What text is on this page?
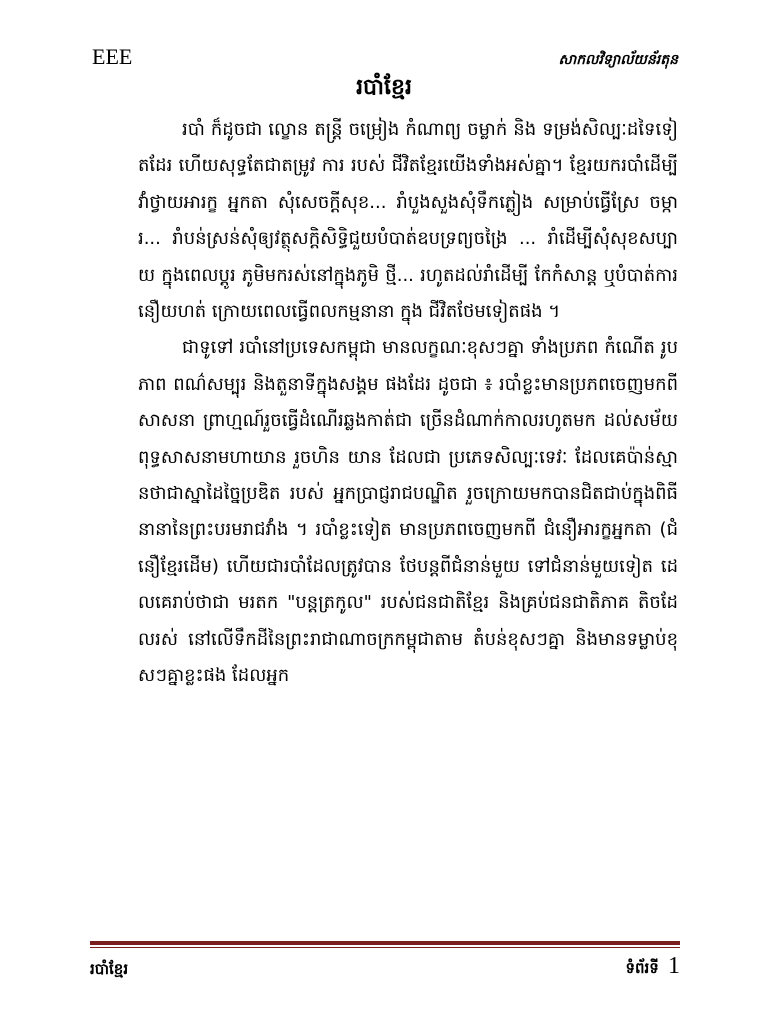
EEE	សាកលវិទ្យាល័យន័រតុន
របាំខ្មែរ

របាំ ក៏ដូចជា ល្ខោន តន្ត្រី ចម្រៀង កំណាព្យ ចម្លាក់ និង ទម្រង់សិល្បៈដទៃទៀតដែរ ហើយសុទ្ធតែជាតម្រូវ ការ របស់ ជីវិតខ្មែរយើងទាំងអស់គ្នា។ ខ្មែរយករបាំដើម្បីវាំថ្វាយអារក្ខ អ្នកតា សុំសេចក្ដីសុខ... រាំបួងសួងសុំទឹកភ្លៀង សម្រាប់ធ្វើស្រែ ចម្ការ... រាំបន់ស្រន់សុំឲ្យវត្ថុសក្ដិសិទ្ធិជួយបំបាត់ឧបទ្រព្យចង្រៃ ... រាំដើម្បីសុំសុខសប្បាយ ក្នុងពេលប្ដូរ ភូមិមករស់នៅក្នុងភូមិ ថ្មី... រហូតដល់រាំដើម្បី កែកំសាន្ត ឬបំបាត់ការនឿយហត់ ក្រោយពេលធ្វើពលកម្មនានា ក្នុង ជីវិតថែមទៀតផង ។

ជាទូទៅ របាំនៅប្រទេសកម្ពុជា មានលក្ខណៈខុសៗគ្នា ទាំងប្រភព កំណើត រូបភាព ពណ៌សម្បុរ និងតួនាទីក្នុងសង្គម ផងដែរ ដូចជា ៖ របាំខ្លះមានប្រភពចេញមកពីសាសនា ព្រាហ្មណ៍រួចធ្វើដំណើរឆ្លងកាត់ជា ច្រើនដំណាក់កាលរហូតមក ដល់សម័យពុទ្ធសាសនាមហាយាន រួចហិន យាន ដែលជា ប្រភេទសិល្បៈទេវៈ ដែលគេប៉ាន់ស្មានថាជាស្នាដៃច្នៃប្រឌិត របស់ អ្នកប្រាជ្ញរាជបណ្ឌិត រួចក្រោយមកបានជិតជាប់ក្នុងពិធី នានានៃព្រះបរមរាជវាំង ។ របាំខ្លះទៀត មានប្រភពចេញមកពី ជំនឿអារក្ខអ្នកតា (ជំនឿខ្មែរដើម) ហើយជារបាំដែលត្រូវបាន ថែបន្តពីជំនាន់មួយ ទៅជំនាន់មួយទៀត ដេលគេរាប់ថាជា មរតក "បន្តត្រកូល" របស់ជនជាតិខ្មែរ និងគ្រប់ជនជាតិភាគ តិចដែលរស់ នៅលើទឹកដីនៃព្រះរាជាណាចក្រកម្ពុជាតាម តំបន់ខុសៗគ្នា និងមានទម្លាប់ខុសៗគ្នាខ្លះផង ដែលអ្នក

របាំខ្មែរ	ទំព័រទី 1
